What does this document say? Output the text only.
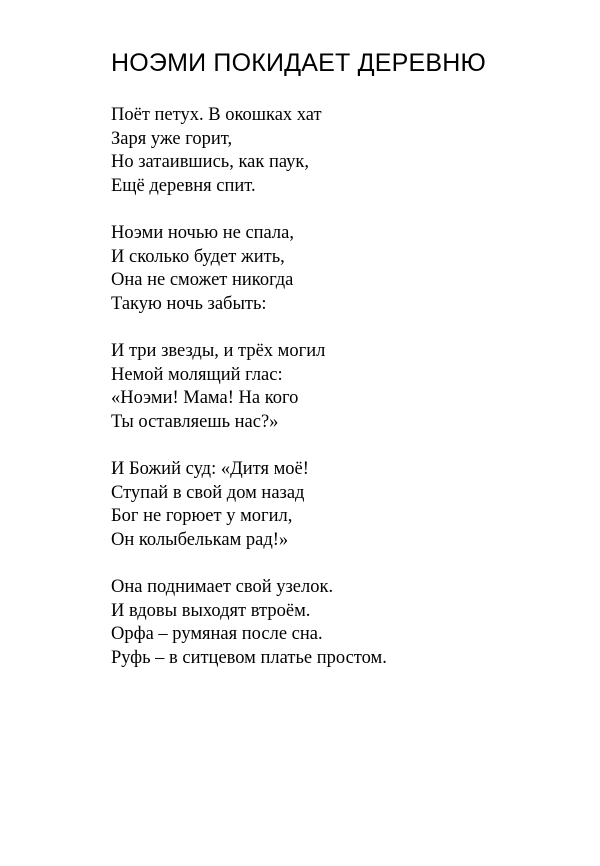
НОЭМИ ПОКИДАЕТ ДЕРЕВНЮ

Поёт петух. В окошках хат
Заря уже горит,
Но затаившись, как паук,
Ещё деревня спит.

Ноэми ночью не спала,
И сколько будет жить,
Она не сможет никогда
Такую ночь забыть:

И три звезды, и трёх могил
Немой молящий глас:
«Ноэми! Мама! На кого
Ты оставляешь нас?»

И Божий суд: «Дитя моё!
Ступай в свой дом назад
Бог не горюет у могил,
Он колыбелькам рад!»

Она поднимает свой узелок.
И вдовы выходят втроём.
Орфа – румяная после сна.
Руфь – в ситцевом платье простом.
